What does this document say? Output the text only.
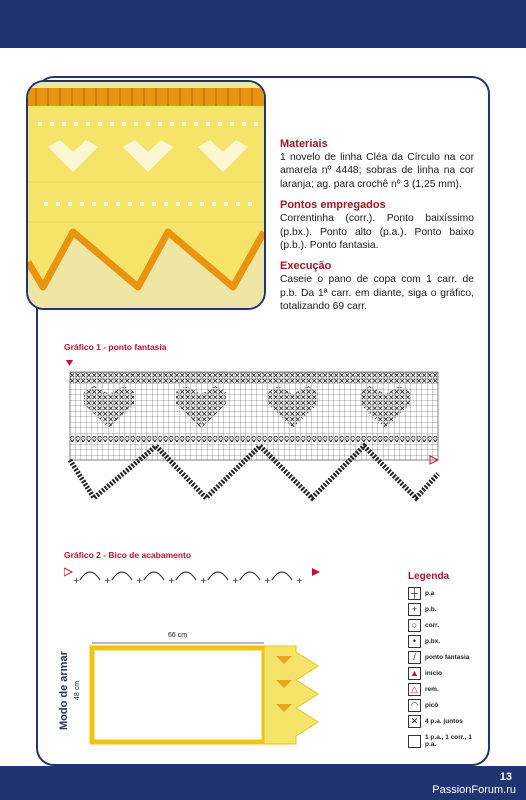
Materiais

1 novelo de linha Cléa da Círculo na cor amarela nº 4448; sobras de linha na cor laranja; ag. para crochê nº 3 (1,25 mm).

Pontos empregados

Correntinha (corr.). Ponto baixíssimo (p.bx.). Ponto alto (p.a.). Ponto baixo (p.b.). Ponto fantasia.

Execução

Caseie o pano de copa com 1 carr. de p.b. Da 1ª carr. em diante, siga o gráfico, totalizando 69 carr.

Gráfico 1 - ponto fantasia
Gráfico 2 - Bico de acabamento
+	+	+	+	+	+	+	+
Modo de armar
66 cm
48 cm
Legenda
┼	p.a
+	p.b.
○	corr.
•	p.bx.
/	ponto fantasia
▲ início
△	rem.
◠	picô
✕	4 p.a. juntos
1 p.a., 1 corr., 1 p.a.
13
PassionForum.ru
